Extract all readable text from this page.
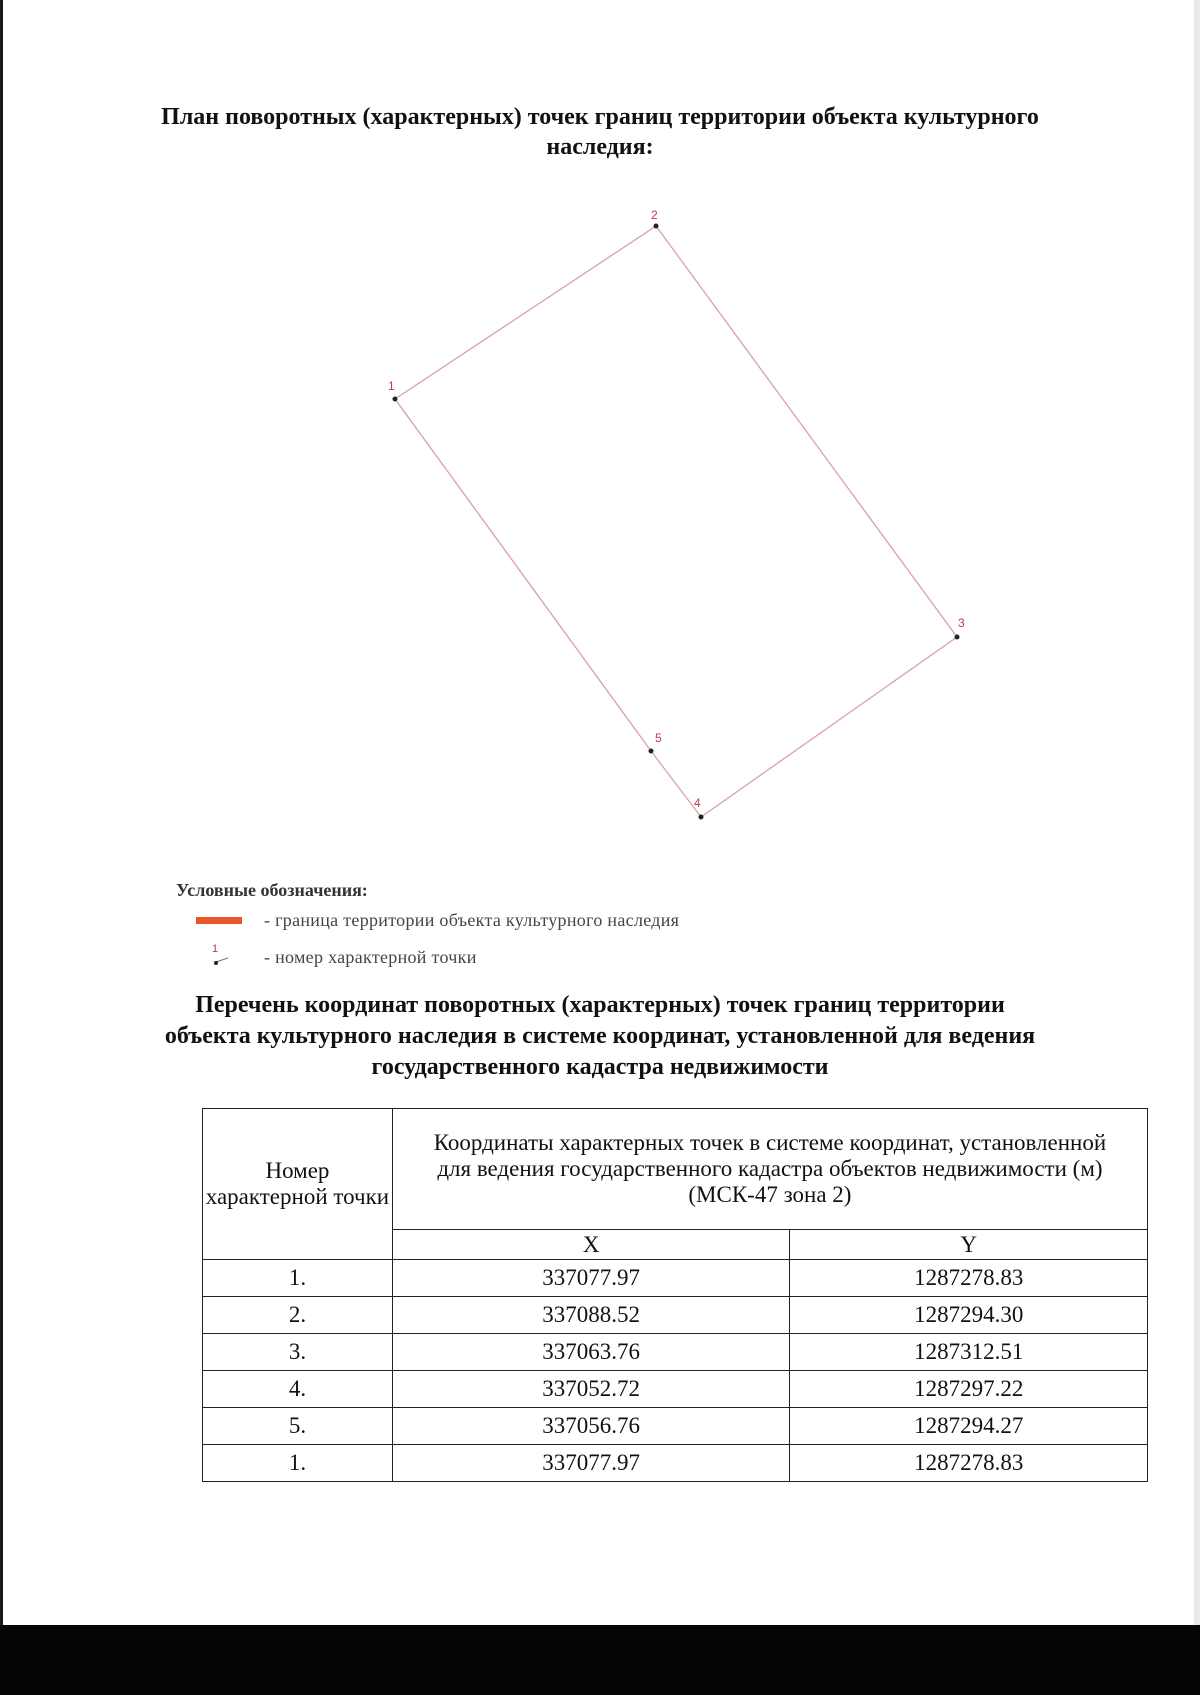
План поворотных (характерных) точек границ территории объекта культурного наследия:
1
2
3
4
5
Условные обозначения:
- граница территории объекта культурного наследия
1	- номер характерной точки
Перечень координат поворотных (характерных) точек границ территории объекта культурного наследия в системе координат, установленной для ведения государственного кадастра недвижимости
Номер характерной точки	Координаты характерных точек в системе координат, установленной для ведения государственного кадастра объектов недвижимости (м)
(МСК-47 зона 2)	

	X	Y
1.	337077.97	1287278.83
2.	337088.52	1287294.30
3.	337063.76	1287312.51
4.	337052.72	1287297.22
5.	337056.76	1287294.27
1.	337077.97	1287278.83
